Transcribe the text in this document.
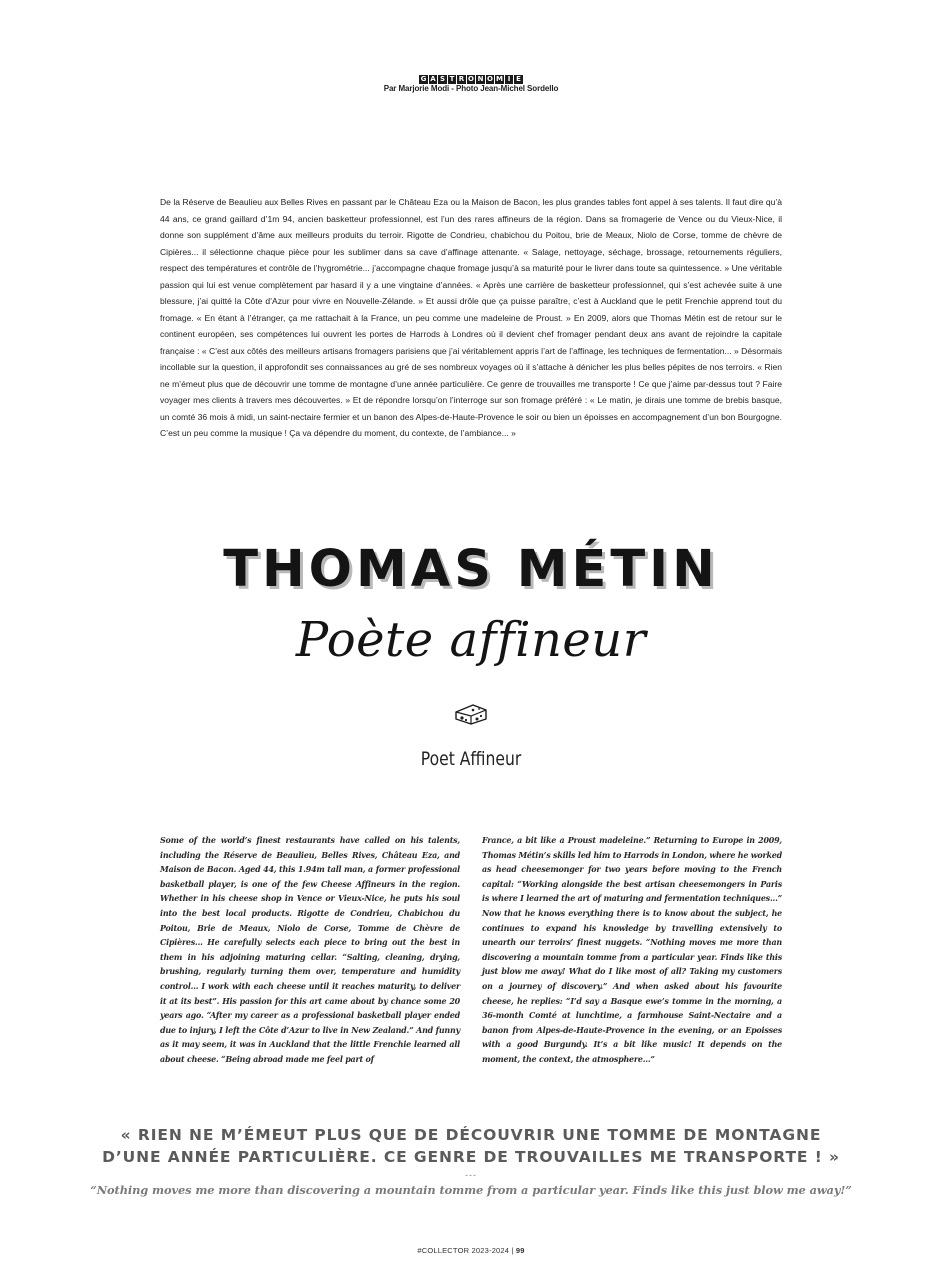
G A S T R O N O M I E
Par Marjorie Modi - Photo Jean-Michel Sordello
De la Réserve de Beaulieu aux Belles Rives en passant par le Château Eza ou la Maison de Bacon, les plus grandes tables font appel à ses talents. Il faut dire qu’à 44 ans, ce grand gaillard d’1m 94, ancien basketteur professionnel, est l’un des rares affineurs de la région. Dans sa fromagerie de Vence ou du Vieux-Nice, il donne son supplément d’âme aux meilleurs produits du terroir. Rigotte de Condrieu, chabichou du Poitou, brie de Meaux, Niolo de Corse, tomme de chèvre de Cipières... il sélectionne chaque pièce pour les sublimer dans sa cave d’affinage attenante. « Salage, nettoyage, séchage, brossage, retournements réguliers, respect des températures et contrôle de l’hygrométrie... j’accompagne chaque fromage jusqu’à sa maturité pour le livrer dans toute sa quintessence. » Une véritable passion qui lui est venue complètement par hasard il y a une vingtaine d’années. « Après une carrière de basketteur professionnel, qui s’est achevée suite à une blessure, j’ai quitté la Côte d’Azur pour vivre en Nouvelle-Zélande. » Et aussi drôle que ça puisse paraître, c’est à Auckland que le petit Frenchie apprend tout du fromage. « En étant à l’étranger, ça me rattachait à la France, un peu comme une madeleine de Proust. » En 2009, alors que Thomas Métin est de retour sur le continent européen, ses compétences lui ouvrent les portes de Harrods à Londres où il devient chef fromager pendant deux ans avant de rejoindre la capitale française : « C’est aux côtés des meilleurs artisans fromagers parisiens que j’ai véritablement appris l’art de l’affinage, les techniques de fermentation... » Désormais incollable sur la question, il approfondit ses connaissances au gré de ses nombreux voyages où il s’attache à dénicher les plus belles pépites de nos terroirs. « Rien ne m’émeut plus que de découvrir une tomme de montagne d’une année particulière. Ce genre de trouvailles me transporte ! Ce que j’aime par-dessus tout ? Faire voyager mes clients à travers mes découvertes. » Et de répondre lorsqu’on l’interroge sur son fromage préféré : « Le matin, je dirais une tomme de brebis basque, un comté 36 mois à midi, un saint-nectaire fermier et un banon des Alpes-de-Haute-Provence le soir ou bien un époisses en accompagnement d’un bon Bourgogne. C’est un peu comme la musique ! Ça va dépendre du moment, du contexte, de l’ambiance... »
THOMAS MÉTIN
Poète affineur
Poet Affineur
Some of the world’s finest restaurants have called on his talents, including the Réserve de Beaulieu, Belles Rives, Château Eza, and Maison de Bacon. Aged 44, this 1.94m tall man, a former professional basketball player, is one of the few Cheese Affineurs in the region. Whether in his cheese shop in Vence or Vieux-Nice, he puts his soul into the best local products. Rigotte de Condrieu, Chabichou du Poitou, Brie de Meaux, Niolo de Corse, Tomme de Chèvre de Cipières... He carefully selects each piece to bring out the best in them in his adjoining maturing cellar. “Salting, cleaning, drying, brushing, regularly turning them over, temperature and humidity control... I work with each cheese until it reaches maturity, to deliver it at its best”. His passion for this art came about by chance some 20 years ago. “After my career as a professional basketball player ended due to injury, I left the Côte d’Azur to live in New Zealand.” And funny as it may seem, it was in Auckland that the little Frenchie learned all about cheese. “Being abroad made me feel part of
France, a bit like a Proust madeleine.” Returning to Europe in 2009, Thomas Métin’s skills led him to Harrods in London, where he worked as head cheesemonger for two years before moving to the French capital: “Working alongside the best artisan cheesemongers in Paris is where I learned the art of maturing and fermentation techniques...” Now that he knows everything there is to know about the subject, he continues to expand his knowledge by travelling extensively to unearth our terroirs’ finest nuggets. “Nothing moves me more than discovering a mountain tomme from a particular year. Finds like this just blow me away! What do I like most of all? Taking my customers on a journey of discovery.” And when asked about his favourite cheese, he replies: “I’d say a Basque ewe’s tomme in the morning, a 36-month Comté at lunchtime, a farmhouse Saint-Nectaire and a banon from Alpes-de-Haute-Provence in the evening, or an Epoisses with a good Burgundy. It’s a bit like music! It depends on the moment, the context, the atmosphere...”
« RIEN NE M’ÉMEUT PLUS QUE DE DÉCOUVRIR UNE TOMME DE MONTAGNE
D’UNE ANNÉE PARTICULIÈRE. CE GENRE DE TROUVAILLES ME TRANSPORTE ! »
---
“Nothing moves me more than discovering a mountain tomme from a particular year. Finds like this just blow me away!”
#COLLECTOR 2023-2024 | 99
